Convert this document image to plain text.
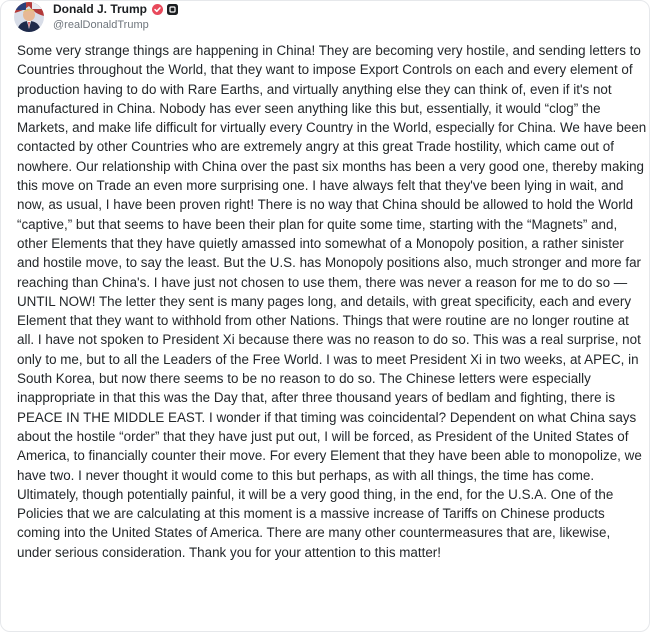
Donald J. Trump
@realDonaldTrump

Some very strange things are happening in China! They are becoming very hostile, and sending letters to Countries throughout the World, that they want to impose Export Controls on each and every element of production having to do with Rare Earths, and virtually anything else they can think of, even if it's not manufactured in China. Nobody has ever seen anything like this but, essentially, it would “clog” the Markets, and make life difficult for virtually every Country in the World, especially for China. We have been contacted by other Countries who are extremely angry at this great Trade hostility, which came out of nowhere. Our relationship with China over the past six months has been a very good one, thereby making this move on Trade an even more surprising one. I have always felt that they've been lying in wait, and now, as usual, I have been proven right! There is no way that China should be allowed to hold the World “captive,” but that seems to have been their plan for quite some time, starting with the “Magnets” and, other Elements that they have quietly amassed into somewhat of a Monopoly position, a rather sinister and hostile move, to say the least. But the U.S. has Monopoly positions also, much stronger and more far reaching than China's. I have just not chosen to use them, there was never a reason for me to do so — UNTIL NOW! The letter they sent is many pages long, and details, with great specificity, each and every Element that they want to withhold from other Nations. Things that were routine are no longer routine at all. I have not spoken to President Xi because there was no reason to do so. This was a real surprise, not only to me, but to all the Leaders of the Free World. I was to meet President Xi in two weeks, at APEC, in South Korea, but now there seems to be no reason to do so. The Chinese letters were especially inappropriate in that this was the Day that, after three thousand years of bedlam and fighting, there is PEACE IN THE MIDDLE EAST. I wonder if that timing was coincidental? Dependent on what China says about the hostile “order” that they have just put out, I will be forced, as President of the United States of America, to financially counter their move. For every Element that they have been able to monopolize, we have two. I never thought it would come to this but perhaps, as with all things, the time has come. Ultimately, though potentially painful, it will be a very good thing, in the end, for the U.S.A. One of the Policies that we are calculating at this moment is a massive increase of Tariffs on Chinese products coming into the United States of America. There are many other countermeasures that are, likewise, under serious consideration. Thank you for your attention to this matter!
